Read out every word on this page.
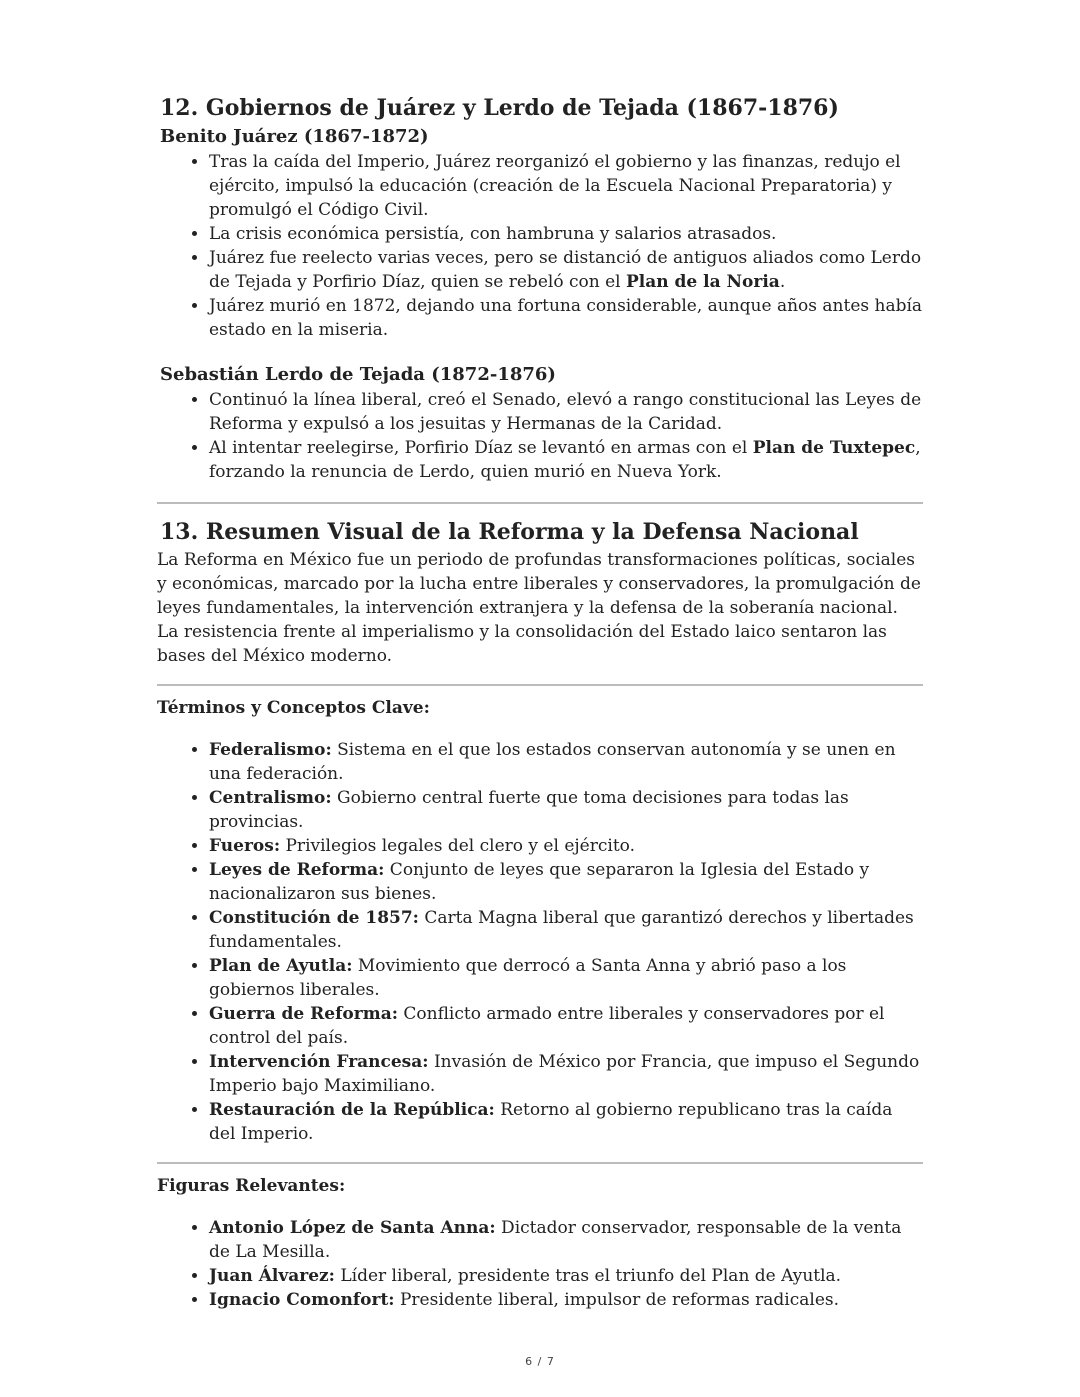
12. Gobiernos de Juárez y Lerdo de Tejada (1867-1876)
Benito Juárez (1867-1872)
• Tras la caída del Imperio, Juárez reorganizó el gobierno y las finanzas, redujo el ejército, impulsó la educación (creación de la Escuela Nacional Preparatoria) y promulgó el Código Civil.
• La crisis económica persistía, con hambruna y salarios atrasados.
• Juárez fue reelecto varias veces, pero se distanció de antiguos aliados como Lerdo de Tejada y Porfirio Díaz, quien se rebeló con el Plan de la Noria.
• Juárez murió en 1872, dejando una fortuna considerable, aunque años antes había estado en la miseria.
Sebastián Lerdo de Tejada (1872-1876)
• Continuó la línea liberal, creó el Senado, elevó a rango constitucional las Leyes de Reforma y expulsó a los jesuitas y Hermanas de la Caridad.
• Al intentar reelegirse, Porfirio Díaz se levantó en armas con el Plan de Tuxtepec, forzando la renuncia de Lerdo, quien murió en Nueva York.
13. Resumen Visual de la Reforma y la Defensa Nacional

La Reforma en México fue un periodo de profundas transformaciones políticas, sociales y económicas, marcado por la lucha entre liberales y conservadores, la promulgación de leyes fundamentales, la intervención extranjera y la defensa de la soberanía nacional. La resistencia frente al imperialismo y la consolidación del Estado laico sentaron las bases del México moderno.

Términos y Conceptos Clave:
• Federalismo: Sistema en el que los estados conservan autonomía y se unen en una federación.
• Centralismo: Gobierno central fuerte que toma decisiones para todas las provincias.
• Fueros: Privilegios legales del clero y el ejército.
• Leyes de Reforma: Conjunto de leyes que separaron la Iglesia del Estado y nacionalizaron sus bienes.
• Constitución de 1857: Carta Magna liberal que garantizó derechos y libertades fundamentales.
• Plan de Ayutla: Movimiento que derrocó a Santa Anna y abrió paso a los gobiernos liberales.
• Guerra de Reforma: Conflicto armado entre liberales y conservadores por el control del país.
• Intervención Francesa: Invasión de México por Francia, que impuso el Segundo Imperio bajo Maximiliano.
• Restauración de la República: Retorno al gobierno republicano tras la caída del Imperio.
Figuras Relevantes:
• Antonio López de Santa Anna: Dictador conservador, responsable de la venta de La Mesilla.
• Juan Álvarez: Líder liberal, presidente tras el triunfo del Plan de Ayutla.
• Ignacio Comonfort: Presidente liberal, impulsor de reformas radicales.
6 / 7
